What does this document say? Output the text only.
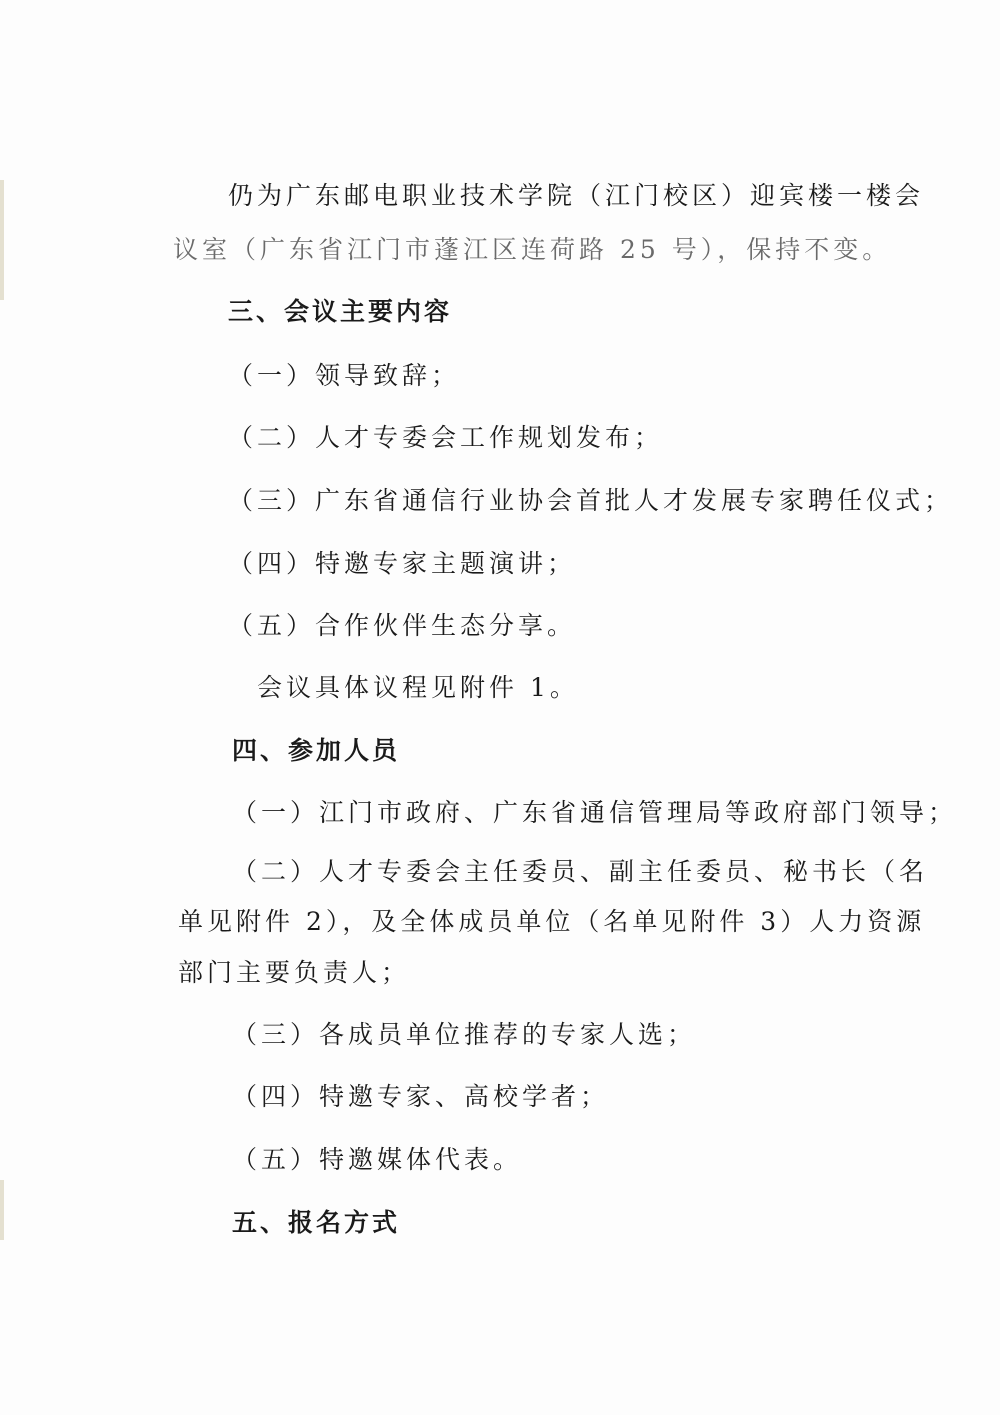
仍为广东邮电职业技术学院（江门校区）迎宾楼一楼会
议室（广东省江门市蓬江区连荷路 25 号），保持不变。
三、会议主要内容
（一）领导致辞；
（二）人才专委会工作规划发布；
（三）广东省通信行业协会首批人才发展专家聘任仪式；
（四）特邀专家主题演讲；
（五）合作伙伴生态分享。
会议具体议程见附件 1。
四、参加人员
（一）江门市政府、广东省通信管理局等政府部门领导；
（二）人才专委会主任委员、副主任委员、秘书长（名
单见附件 2），及全体成员单位（名单见附件 3）人力资源
部门主要负责人；
（三）各成员单位推荐的专家人选；
（四）特邀专家、高校学者；
（五）特邀媒体代表。
五、报名方式
